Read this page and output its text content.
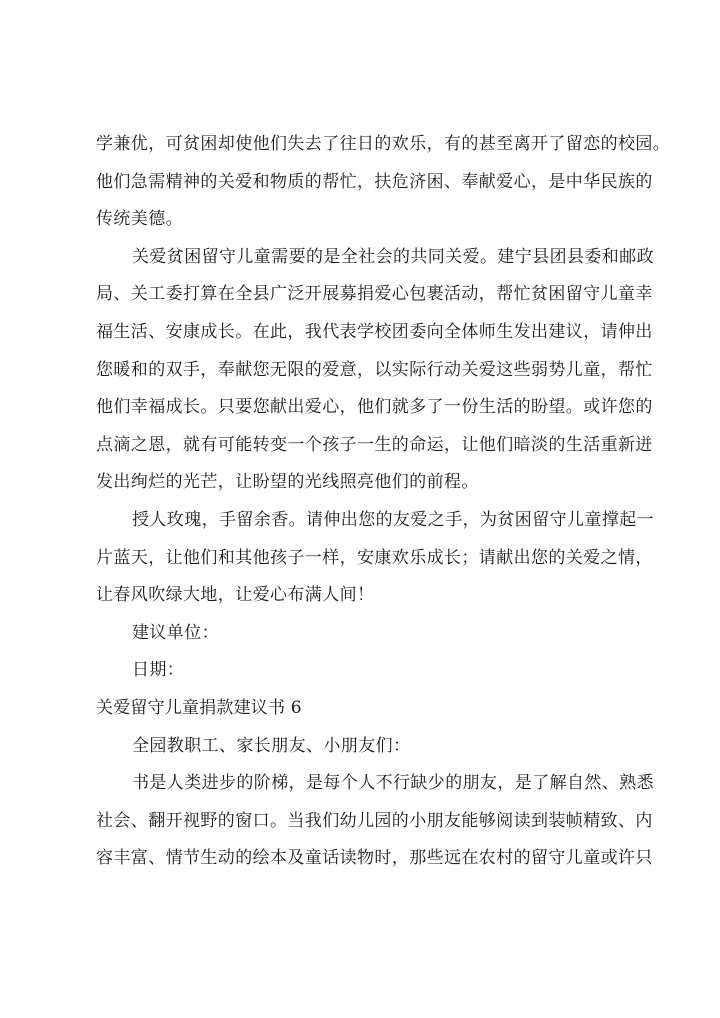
学兼优，可贫困却使他们失去了往日的欢乐，有的甚至离开了留恋的校园。
他们急需精神的关爱和物质的帮忙，扶危济困、奉献爱心，是中华民族的
传统美德。
关爱贫困留守儿童需要的是全社会的共同关爱。建宁县团县委和邮政
局、关工委打算在全县广泛开展募捐爱心包裹活动，帮忙贫困留守儿童幸
福生活、安康成长。在此，我代表学校团委向全体师生发出建议，请伸出
您暖和的双手，奉献您无限的爱意，以实际行动关爱这些弱势儿童，帮忙
他们幸福成长。只要您献出爱心，他们就多了一份生活的盼望。或许您的
点滴之恩，就有可能转变一个孩子一生的命运，让他们暗淡的生活重新迸
发出绚烂的光芒，让盼望的光线照亮他们的前程。
授人玫瑰，手留余香。请伸出您的友爱之手，为贫困留守儿童撑起一
片蓝天，让他们和其他孩子一样，安康欢乐成长；请献出您的关爱之情，
让春风吹绿大地，让爱心布满人间！
建议单位：
日期：
关爱留守儿童捐款建议书 6
全园教职工、家长朋友、小朋友们：
书是人类进步的阶梯，是每个人不行缺少的朋友，是了解自然、熟悉
社会、翻开视野的窗口。当我们幼儿园的小朋友能够阅读到装帧精致、内
容丰富、情节生动的绘本及童话读物时，那些远在农村的留守儿童或许只
